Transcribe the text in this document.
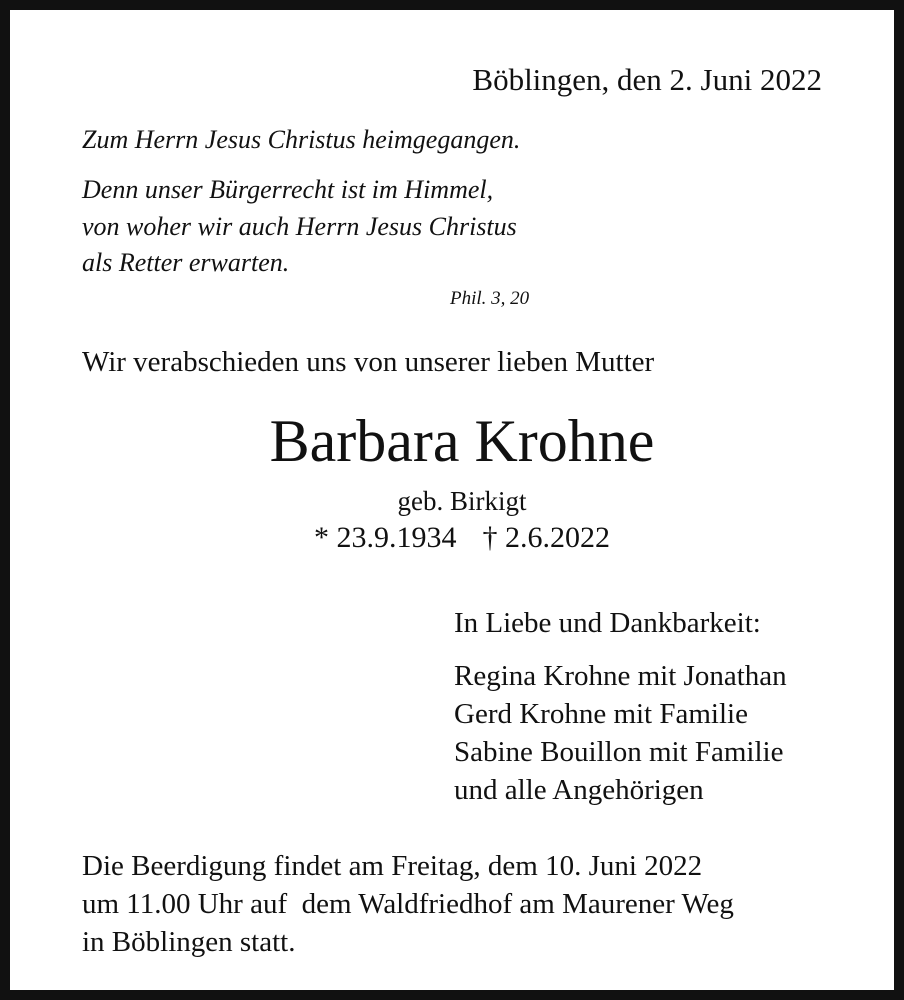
Böblingen, den 2. Juni 2022

Zum Herrn Jesus Christus heimgegangen.

Denn unser Bürgerrecht ist im Himmel,

von woher wir auch Herrn Jesus Christus

als Retter erwarten.

Phil. 3, 20

Wir verabschieden uns von unserer lieben Mutter

Barbara Krohne

geb. Birkigt

* 23.9.1934 † 2.6.2022

In Liebe und Dankbarkeit:

Regina Krohne mit Jonathan

Gerd Krohne mit Familie

Sabine Bouillon mit Familie

und alle Angehörigen

Die Beerdigung findet am Freitag, dem 10. Juni 2022

um 11.00 Uhr auf  dem Waldfriedhof am Maurener Weg

in Böblingen statt.
